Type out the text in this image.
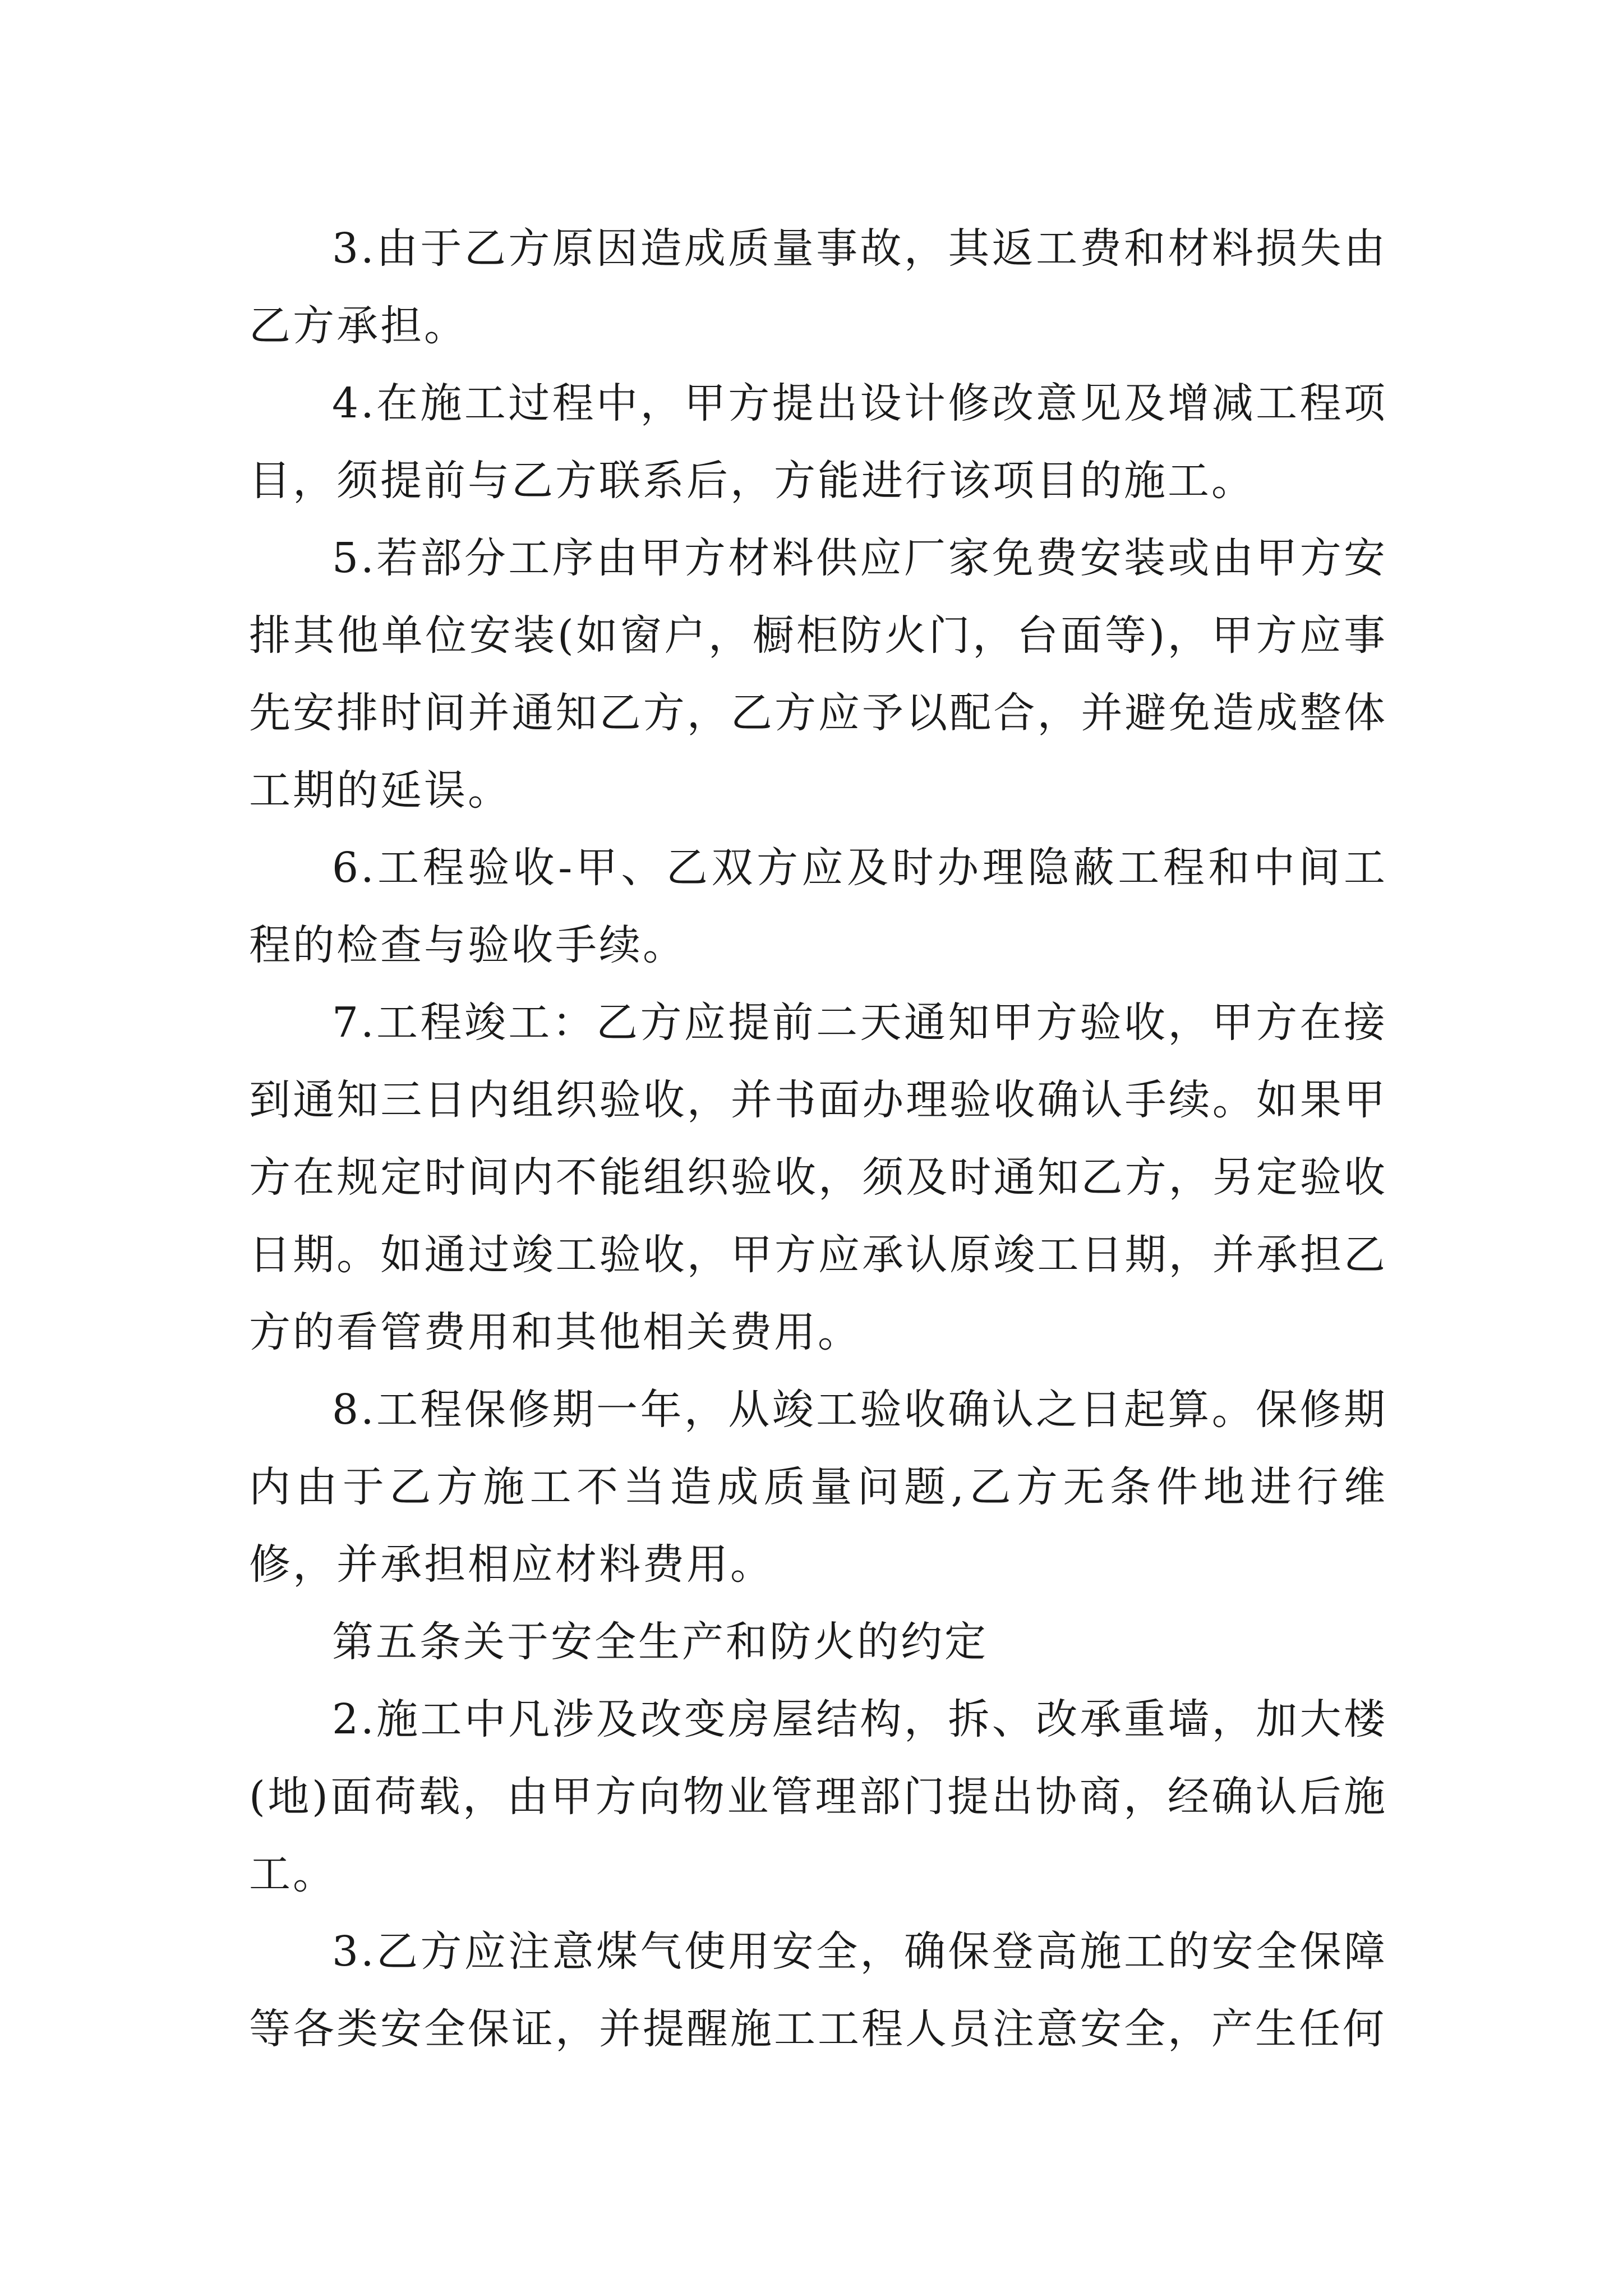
3.由于乙方原因造成质量事故，其返工费和材料损失由乙方承担。

4.在施工过程中，甲方提出设计修改意见及增减工程项目，须提前与乙方联系后，方能进行该项目的施工。

5.若部分工序由甲方材料供应厂家免费安装或由甲方安排其他单位安装(如窗户，橱柜防火门，台面等)，甲方应事先安排时间并通知乙方，乙方应予以配合，并避免造成整体工期的延误。

6.工程验收-甲、乙双方应及时办理隐蔽工程和中间工程的检查与验收手续。

7.工程竣工：乙方应提前二天通知甲方验收，甲方在接到通知三日内组织验收，并书面办理验收确认手续。如果甲方在规定时间内不能组织验收，须及时通知乙方，另定验收日期。如通过竣工验收，甲方应承认原竣工日期，并承担乙方的看管费用和其他相关费用。

8.工程保修期一年，从竣工验收确认之日起算。保修期内由于乙方施工不当造成质量问题,乙方无条件地进行维修，并承担相应材料费用。

第五条关于安全生产和防火的约定

2.施工中凡涉及改变房屋结构，拆、改承重墙，加大楼(地)面荷载，由甲方向物业管理部门提出协商，经确认后施工。

3.乙方应注意煤气使用安全，确保登高施工的安全保障等各类安全保证，并提醒施工工程人员注意安全，产生任何
